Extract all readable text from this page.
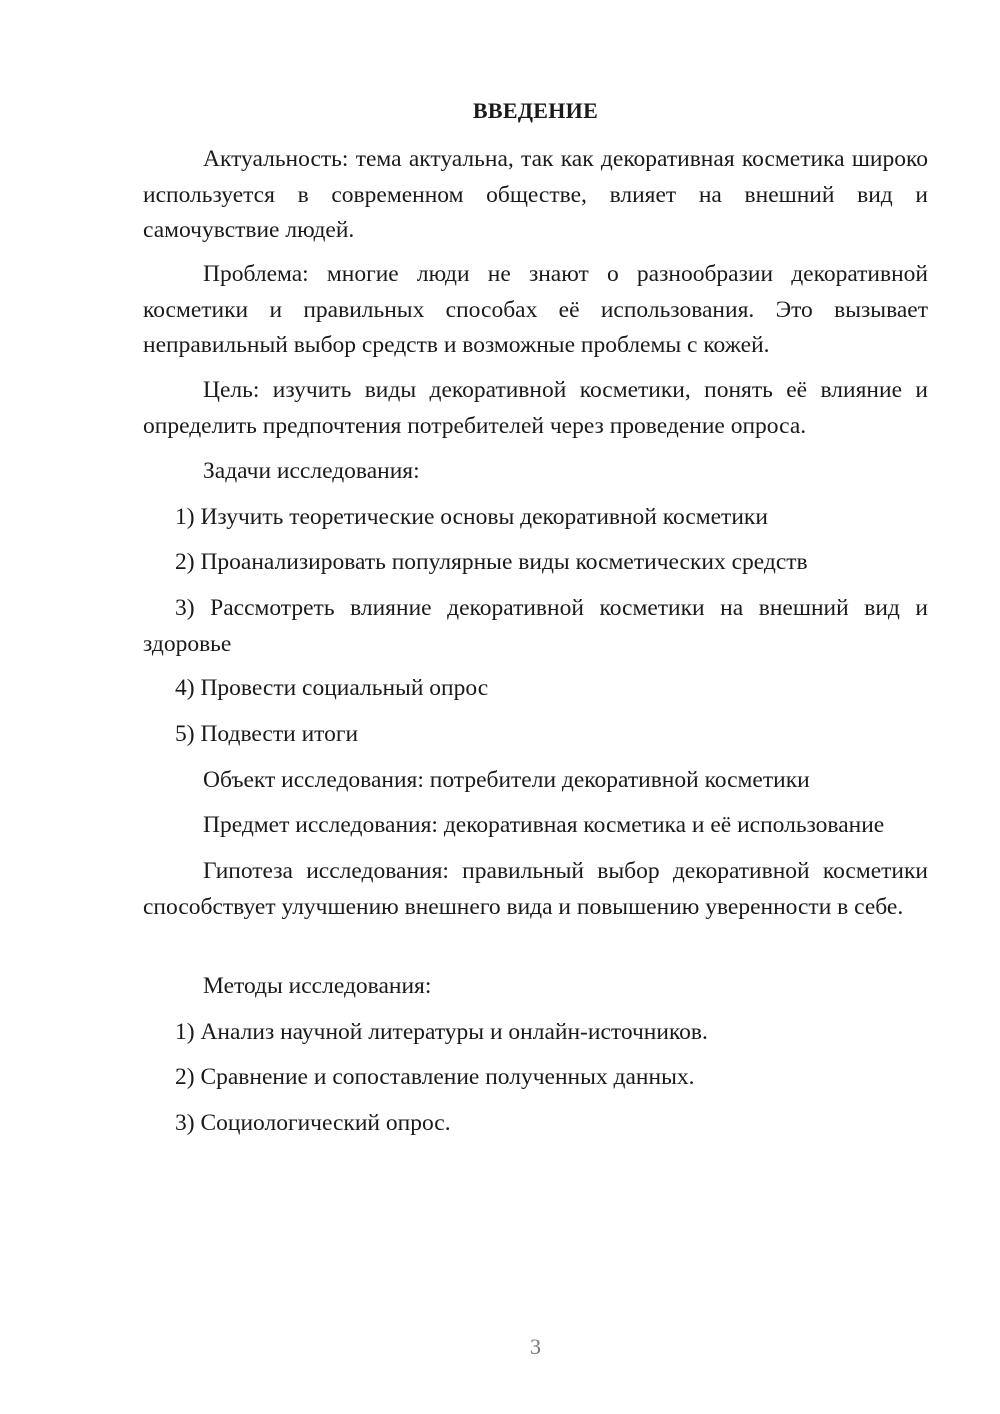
ВВЕДЕНИЕ

Актуальность: тема актуальна, так как декоративная косметика широко используется в современном обществе, влияет на внешний вид и самочувствие людей.

Проблема: многие люди не знают о разнообразии декоративной косметики и правильных способах её использования. Это вызывает неправильный выбор средств и возможные проблемы с кожей.

Цель: изучить виды декоративной косметики, понять её влияние и определить предпочтения потребителей через проведение опроса.

Задачи исследования:

1) Изучить теоретические основы декоративной косметики

2) Проанализировать популярные виды косметических средств

3) Рассмотреть влияние декоративной косметики на внешний вид и здоровье

4) Провести социальный опрос

5) Подвести итоги

Объект исследования: потребители декоративной косметики

Предмет исследования: декоративная косметика и её использование

Гипотеза исследования: правильный выбор декоративной косметики способствует улучшению внешнего вида и повышению уверенности в себе.

Методы исследования:

1) Анализ научной литературы и онлайн-источников.

2) Сравнение и сопоставление полученных данных.

3) Социологический опрос.

3
